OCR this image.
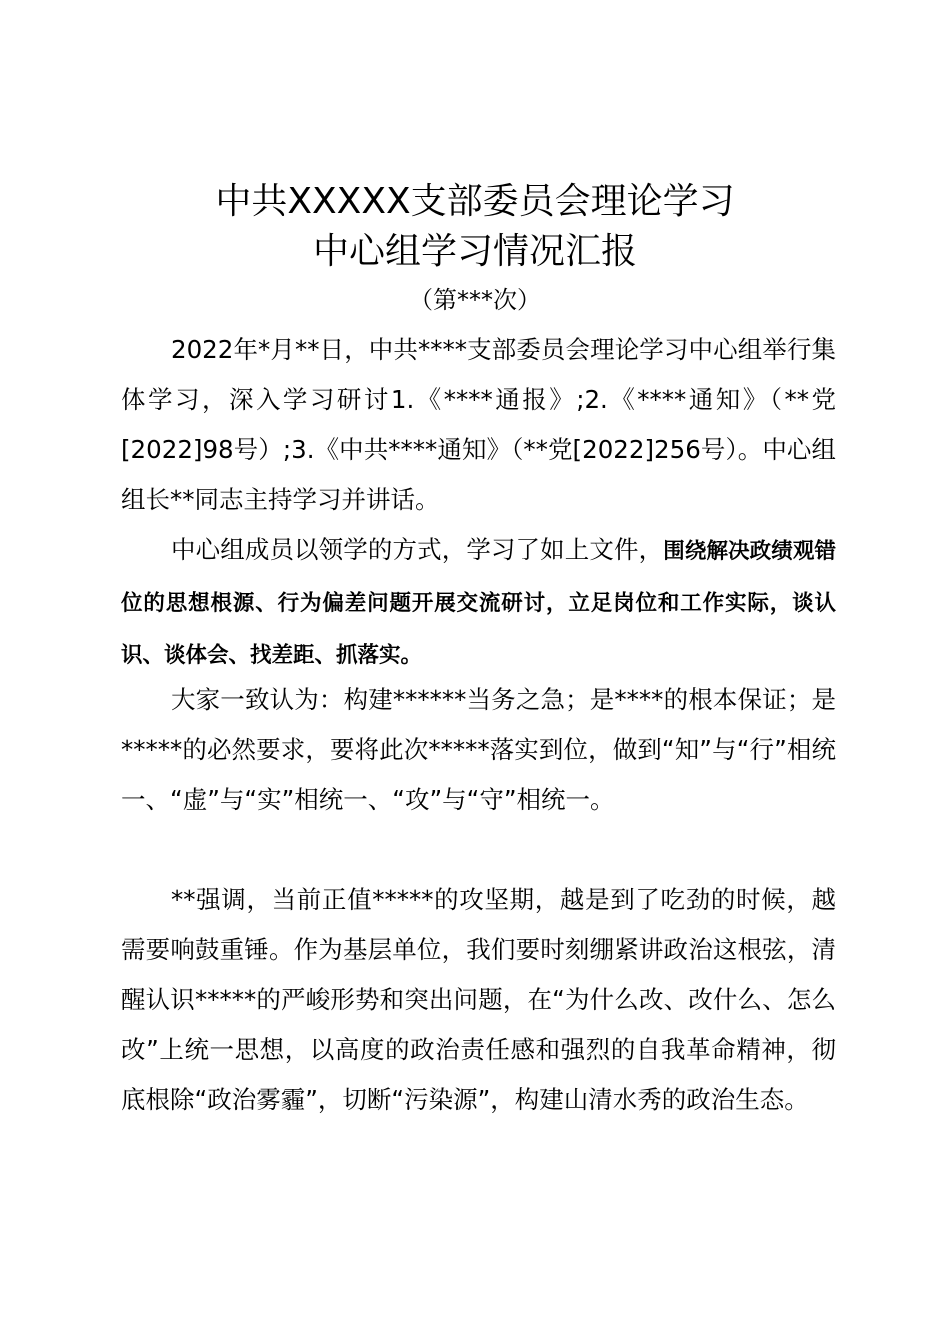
中共XXXXX支部委员会理论学习
中心组学习情况汇报
（第***次）

2022年*月**日，中共****支部委员会理论学习中心组举行集体学习，深入学习研讨1.《****通报》;2.《****通知》（**党[2022]98号）;3.《中共****通知》（**党[2022]256号）。中心组组长**同志主持学习并讲话。

中心组成员以领学的方式，学习了如上文件，围绕解决政绩观错位的思想根源、行为偏差问题开展交流研讨，立足岗位和工作实际，谈认识、谈体会、找差距、抓落实。

大家一致认为：构建******当务之急；是****的根本保证；是*****的必然要求，要将此次*****落实到位，做到“知”与“行”相统一、“虚”与“实”相统一、“攻”与“守”相统一。

**强调，当前正值*****的攻坚期，越是到了吃劲的时候，越需要响鼓重锤。作为基层单位，我们要时刻绷紧讲政治这根弦，清醒认识*****的严峻形势和突出问题，在“为什么改、改什么、怎么改”上统一思想，以高度的政治责任感和强烈的自我革命精神，彻底根除“政治雾霾”，切断“污染源”，构建山清水秀的政治生态。
